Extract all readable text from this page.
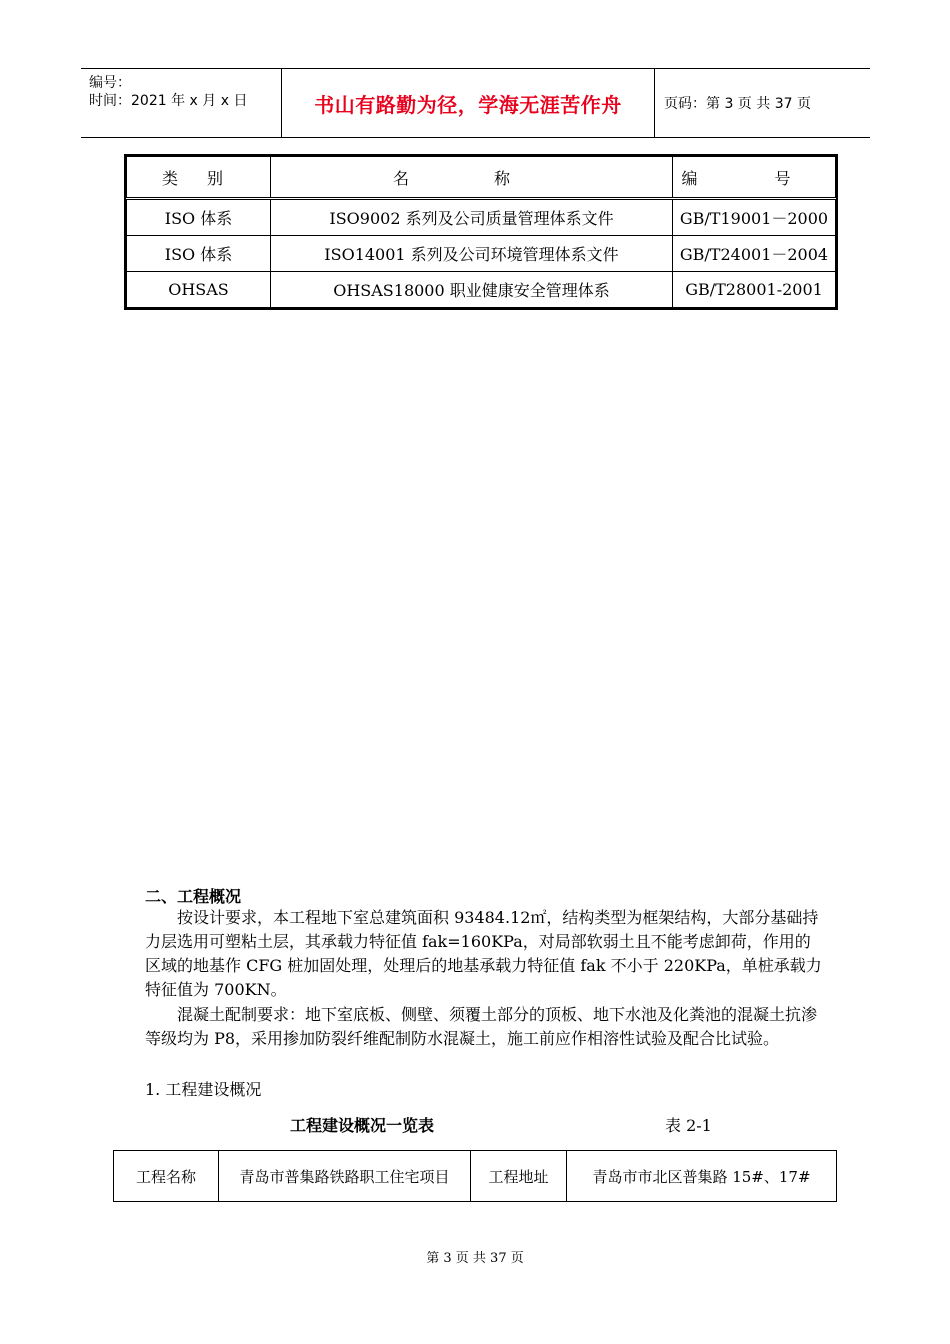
编号：
时间：2021 年 x 月 x 日	书山有路勤为径，学海无涯苦作舟	页码：第 3 页 共 37 页
类 别	名 称	编 号
ISO 体系	ISO9002 系列及公司质量管理体系文件	GB/T19001－2000
ISO 体系	ISO14001 系列及公司环境管理体系文件	GB/T24001－2004
OHSAS	OHSAS18000 职业健康安全管理体系	GB/T28001-2001
二、工程概况
　　按设计要求，本工程地下室总建筑面积 93484.12㎡，结构类型为框架结构，大部分基础持力层选用可塑粘土层，其承载力特征值 fak=160KPa，对局部软弱土且不能考虑卸荷，作用的区域的地基作 CFG 桩加固处理，处理后的地基承载力特征值 fak 不小于 220KPa，单桩承载力特征值为 700KN。
　　混凝土配制要求：地下室底板、侧壁、须覆土部分的顶板、地下水池及化粪池的混凝土抗渗等级均为 P8，采用掺加防裂纤维配制防水混凝土，施工前应作相溶性试验及配合比试验。
1. 工程建设概况
工程建设概况一览表	表 2-1
工程名称	青岛市普集路铁路职工住宅项目	工程地址	青岛市市北区普集路 15#、17#
第 3 页 共 37 页
